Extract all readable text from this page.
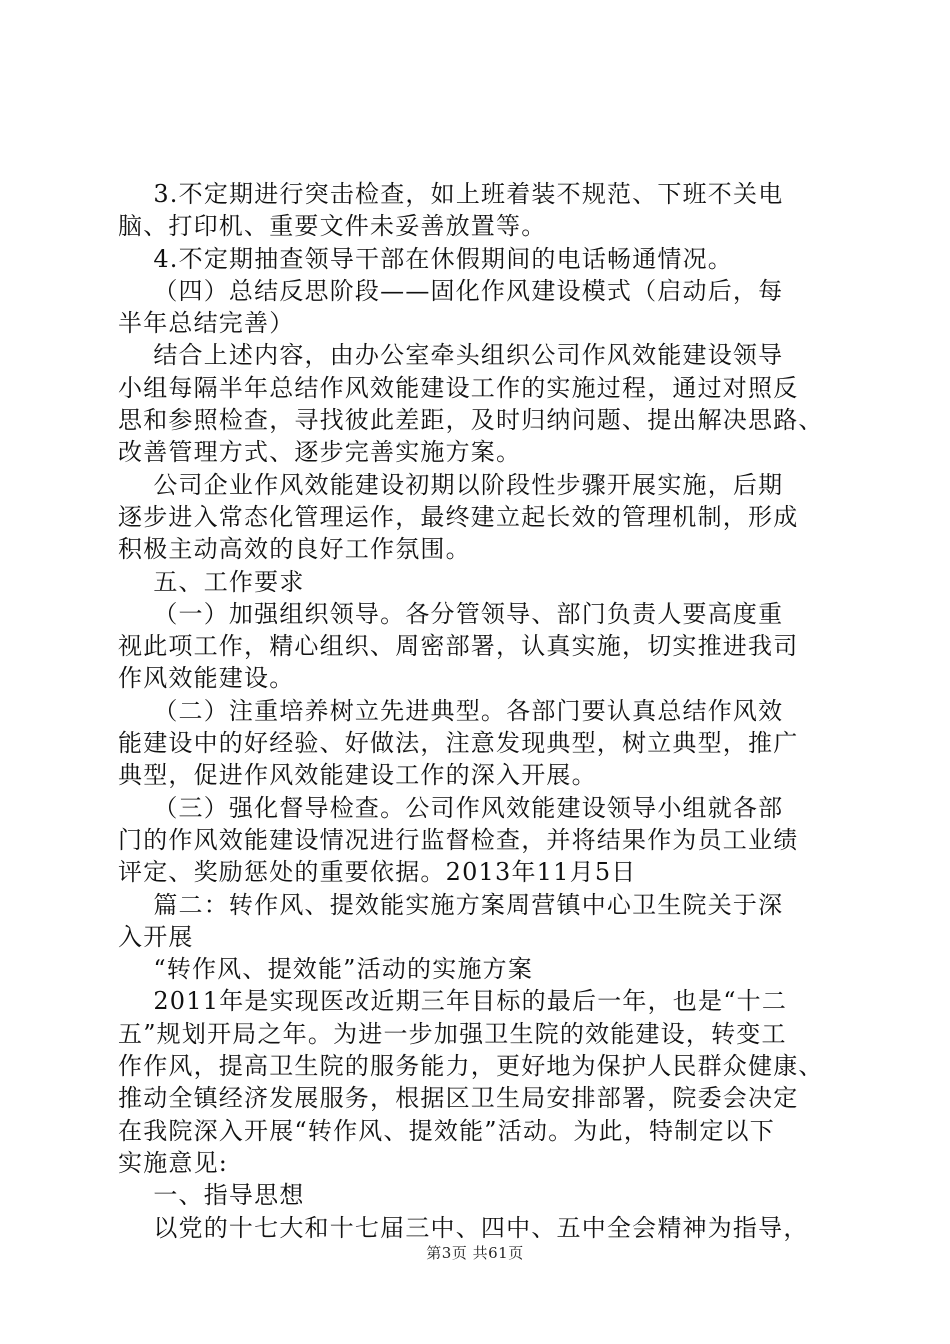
3.不定期进行突击检查，如上班着装不规范、下班不关电
脑、打印机、重要文件未妥善放置等。
4.不定期抽查领导干部在休假期间的电话畅通情况。
（四）总结反思阶段——固化作风建设模式（启动后，每
半年总结完善）
结合上述内容，由办公室牵头组织公司作风效能建设领导
小组每隔半年总结作风效能建设工作的实施过程，通过对照反
思和参照检查，寻找彼此差距，及时归纳问题、提出解决思路、
改善管理方式、逐步完善实施方案。
公司企业作风效能建设初期以阶段性步骤开展实施，后期
逐步进入常态化管理运作，最终建立起长效的管理机制，形成
积极主动高效的良好工作氛围。
五、工作要求
（一）加强组织领导。各分管领导、部门负责人要高度重
视此项工作，精心组织、周密部署，认真实施，切实推进我司
作风效能建设。
（二）注重培养树立先进典型。各部门要认真总结作风效
能建设中的好经验、好做法，注意发现典型，树立典型，推广
典型，促进作风效能建设工作的深入开展。
（三）强化督导检查。公司作风效能建设领导小组就各部
门的作风效能建设情况进行监督检查，并将结果作为员工业绩
评定、奖励惩处的重要依据。2013年11月5日
篇二：转作风、提效能实施方案周营镇中心卫生院关于深
入开展
“转作风、提效能”活动的实施方案
2011年是实现医改近期三年目标的最后一年，也是“十二
五”规划开局之年。为进一步加强卫生院的效能建设，转变工
作作风，提高卫生院的服务能力，更好地为保护人民群众健康、
推动全镇经济发展服务，根据区卫生局安排部署，院委会决定
在我院深入开展“转作风、提效能”活动。为此，特制定以下
实施意见:
一、指导思想
以党的十七大和十七届三中、四中、五中全会精神为指导，
第3页 共61页
